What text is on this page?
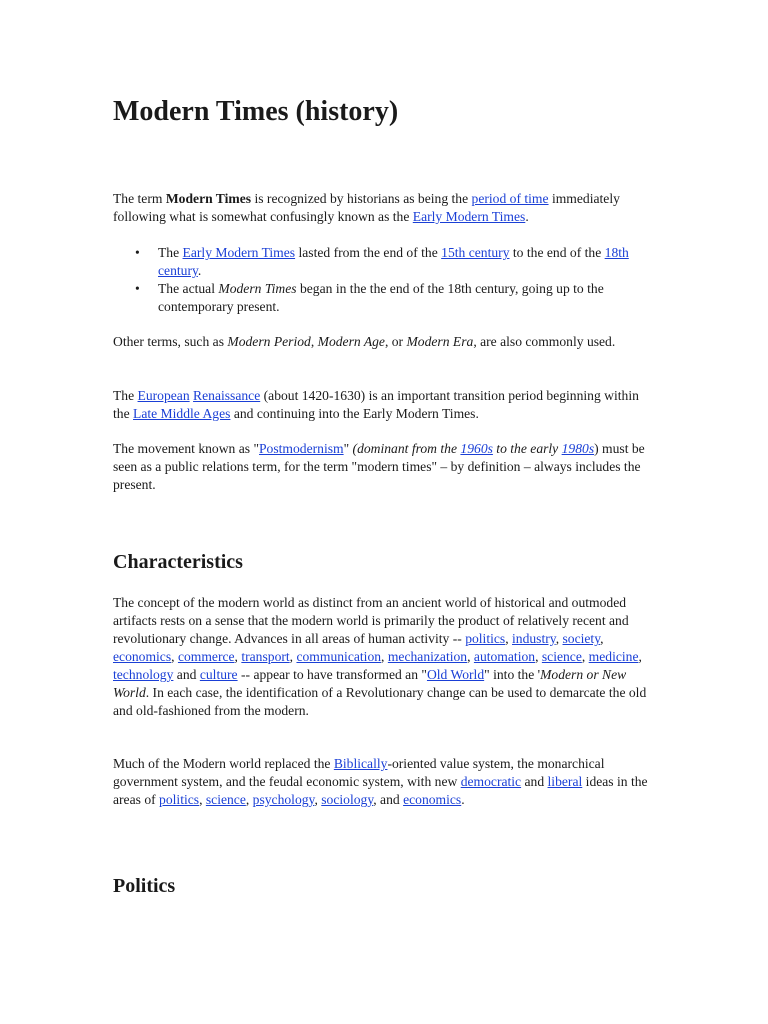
Modern Times (history)

The term Modern Times is recognized by historians as being the period of time immediately following what is somewhat confusingly known as the Early Modern Times.

• The Early Modern Times lasted from the end of the 15th century to the end of the 18th century.
• The actual Modern Times began in the the end of the 18th century, going up to the contemporary present.

Other terms, such as Modern Period, Modern Age, or Modern Era, are also commonly used.

The European Renaissance (about 1420-1630) is an important transition period beginning within the Late Middle Ages and continuing into the Early Modern Times.

The movement known as "Postmodernism" (dominant from the 1960s to the early 1980s) must be seen as a public relations term, for the term "modern times" – by definition – always includes the present.

Characteristics

The concept of the modern world as distinct from an ancient world of historical and outmoded artifacts rests on a sense that the modern world is primarily the product of relatively recent and revolutionary change. Advances in all areas of human activity -- politics, industry, society, economics, commerce, transport, communication, mechanization, automation, science, medicine, technology and culture -- appear to have transformed an "Old World" into the 'Modern or New World. In each case, the identification of a Revolutionary change can be used to demarcate the old and old-fashioned from the modern.

Much of the Modern world replaced the Biblically-oriented value system, the monarchical government system, and the feudal economic system, with new democratic and liberal ideas in the areas of politics, science, psychology, sociology, and economics.

Politics
